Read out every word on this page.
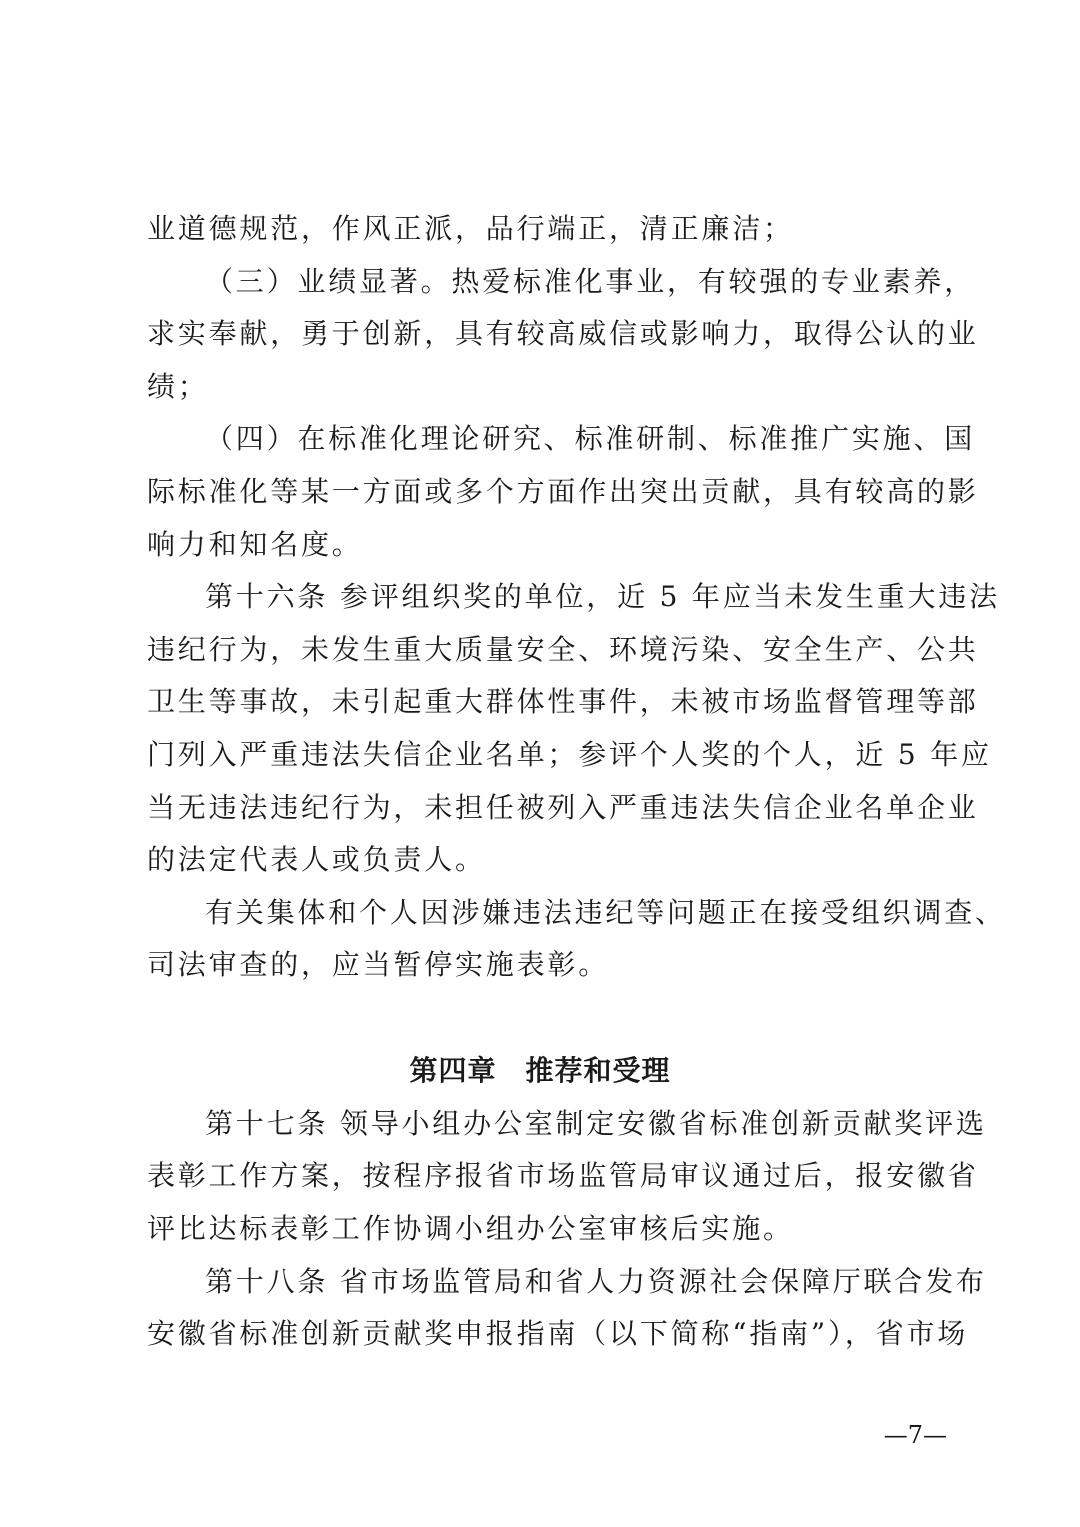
业道德规范，作风正派，品行端正，清正廉洁；
（三）业绩显著。热爱标准化事业，有较强的专业素养，
求实奉献，勇于创新，具有较高威信或影响力，取得公认的业
绩；
（四）在标准化理论研究、标准研制、标准推广实施、国
际标准化等某一方面或多个方面作出突出贡献，具有较高的影
响力和知名度。
第十六条 参评组织奖的单位，近 5 年应当未发生重大违法
违纪行为，未发生重大质量安全、环境污染、安全生产、公共
卫生等事故，未引起重大群体性事件，未被市场监督管理等部
门列入严重违法失信企业名单；参评个人奖的个人，近 5 年应
当无违法违纪行为，未担任被列入严重违法失信企业名单企业
的法定代表人或负责人。
有关集体和个人因涉嫌违法违纪等问题正在接受组织调查、
司法审查的，应当暂停实施表彰。
第四章　推荐和受理
第十七条 领导小组办公室制定安徽省标准创新贡献奖评选
表彰工作方案，按程序报省市场监管局审议通过后，报安徽省
评比达标表彰工作协调小组办公室审核后实施。
第十八条 省市场监管局和省人力资源社会保障厅联合发布
安徽省标准创新贡献奖申报指南（以下简称“指南”），省市场
—7—
